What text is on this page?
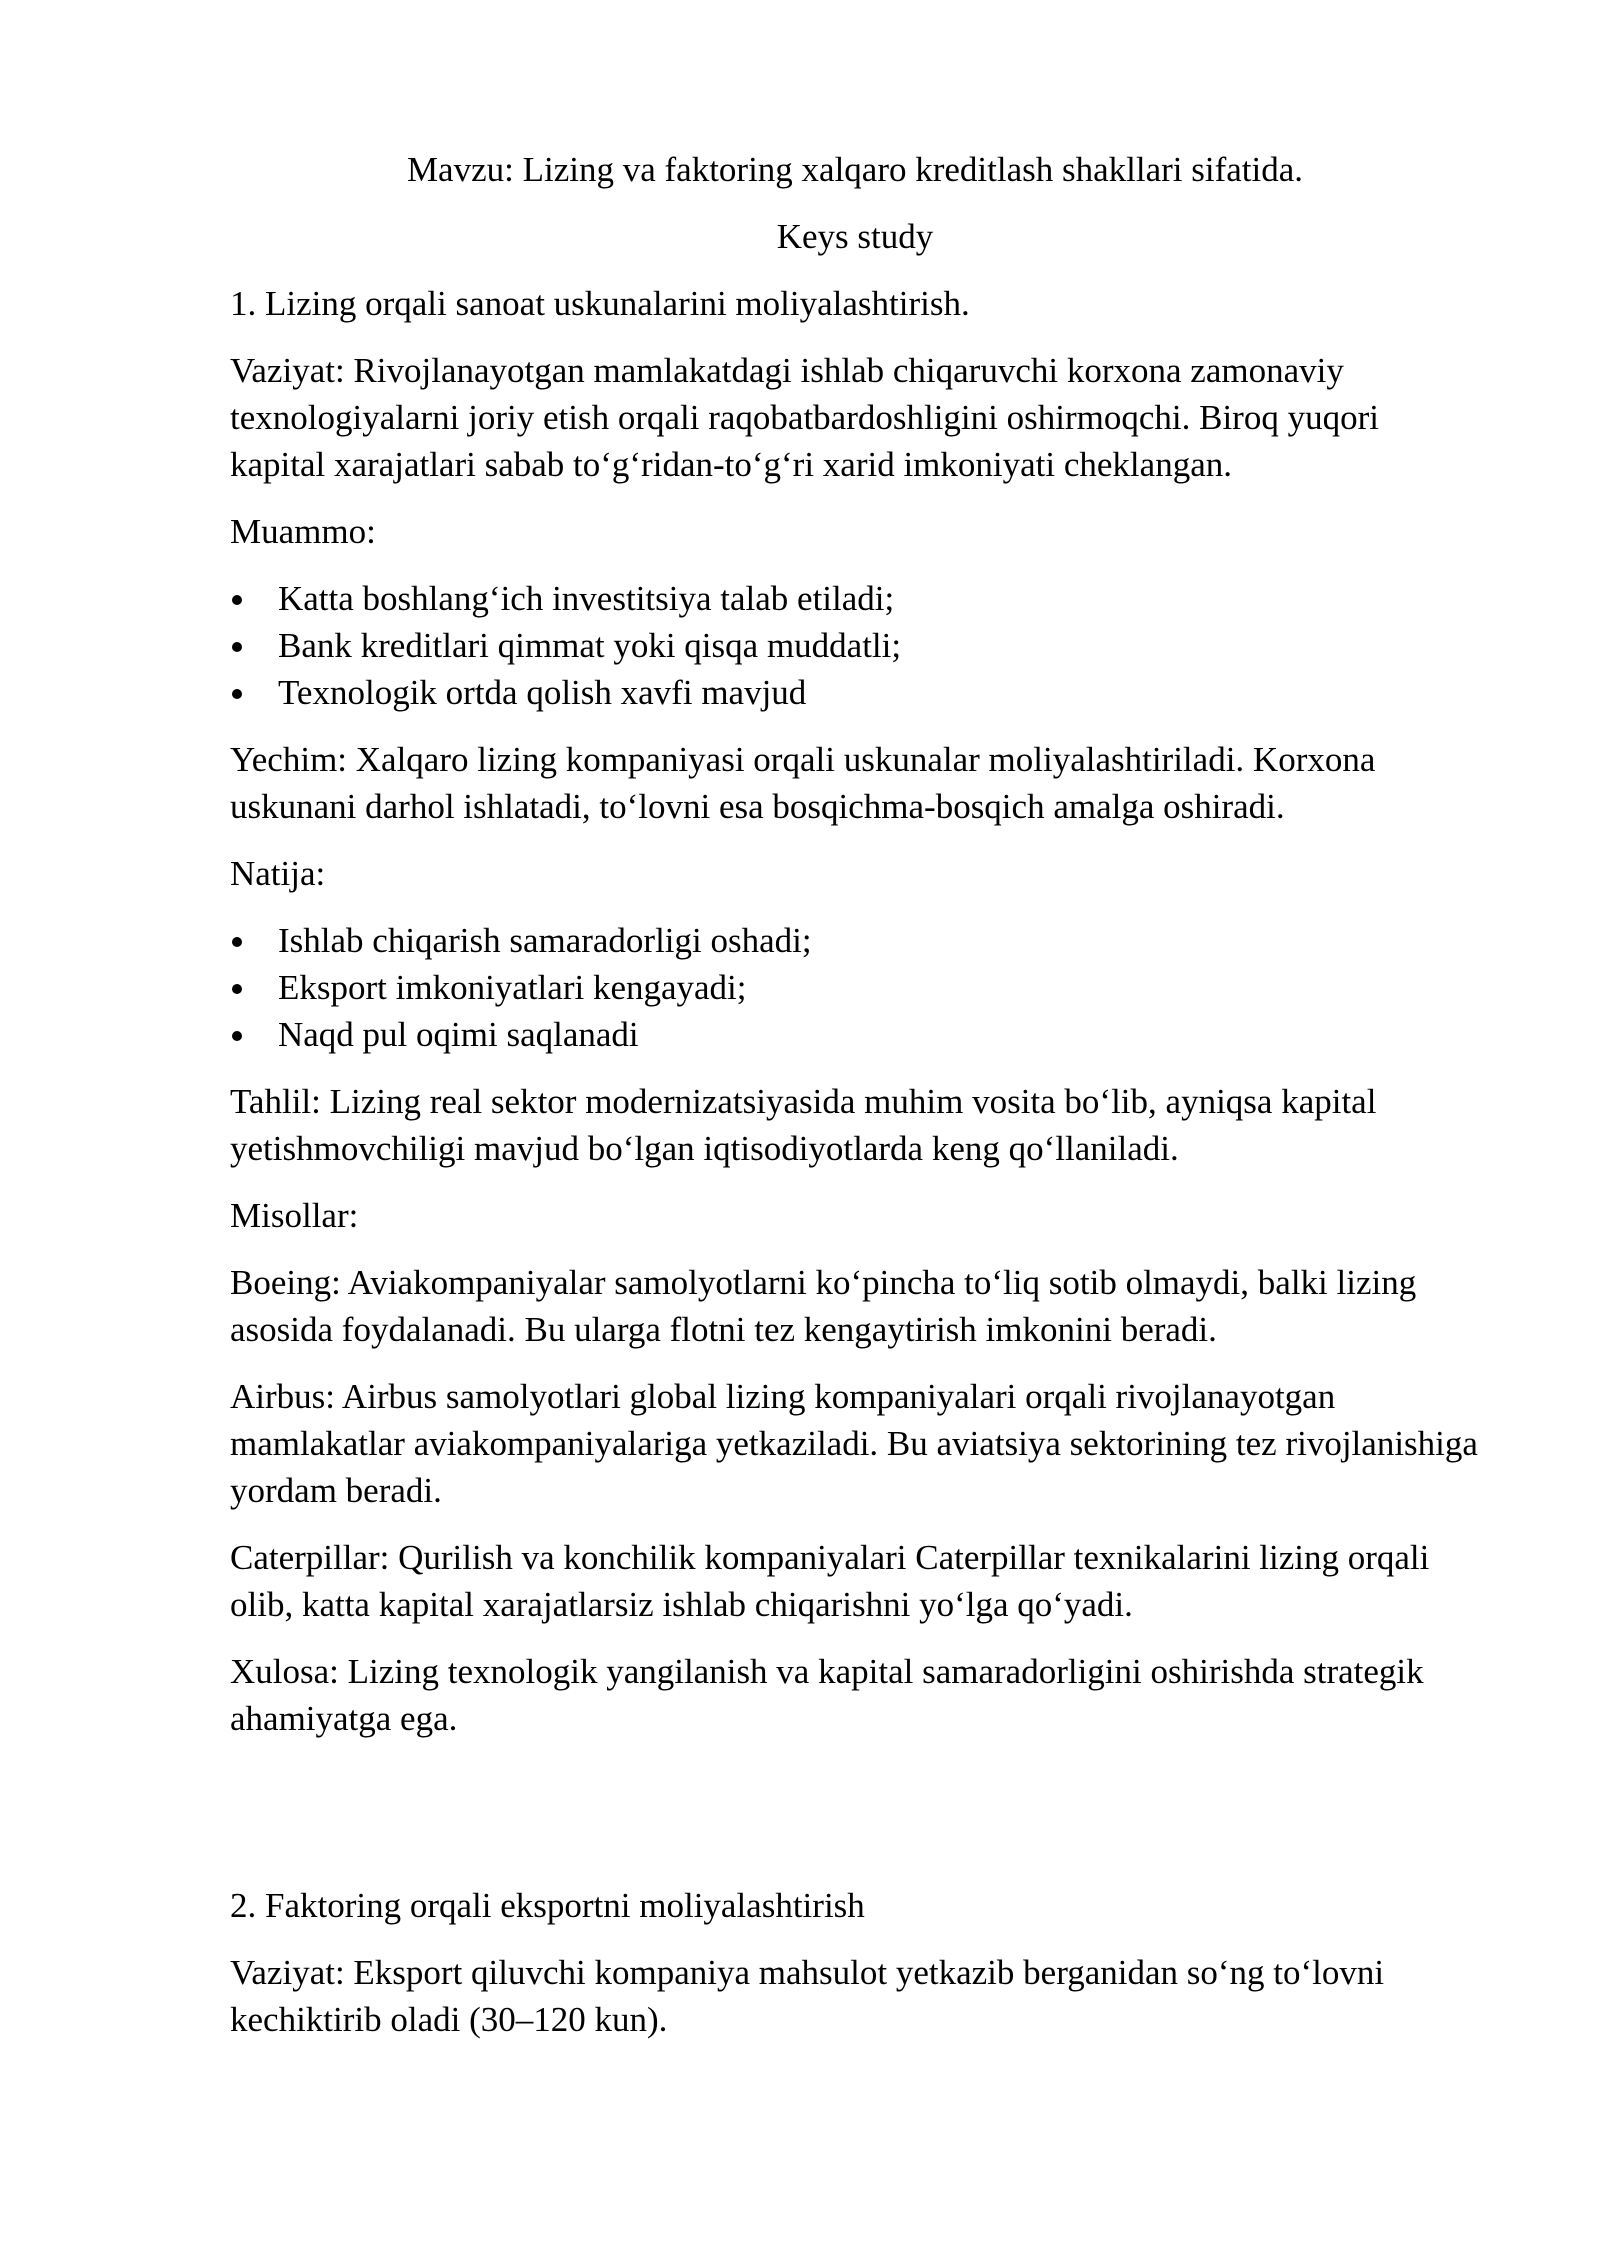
Mavzu: Lizing va faktoring xalqaro kreditlash shakllari sifatida.

Keys study

1. Lizing orqali sanoat uskunalarini moliyalashtirish.

Vaziyat: Rivojlanayotgan mamlakatdagi ishlab chiqaruvchi korxona zamonaviy texnologiyalarni joriy etish orqali raqobatbardoshligini oshirmoqchi. Biroq yuqori kapital xarajatlari sabab to‘g‘ridan-to‘g‘ri xarid imkoniyati cheklangan.

Muammo:

Katta boshlang‘ich investitsiya talab etiladi;
Bank kreditlari qimmat yoki qisqa muddatli;
Texnologik ortda qolish xavfi mavjud

Yechim: Xalqaro lizing kompaniyasi orqali uskunalar moliyalashtiriladi. Korxona uskunani darhol ishlatadi, to‘lovni esa bosqichma-bosqich amalga oshiradi.

Natija:

Ishlab chiqarish samaradorligi oshadi;
Eksport imkoniyatlari kengayadi;
Naqd pul oqimi saqlanadi

Tahlil: Lizing real sektor modernizatsiyasida muhim vosita bo‘lib, ayniqsa kapital yetishmovchiligi mavjud bo‘lgan iqtisodiyotlarda keng qo‘llaniladi.

Misollar:

Boeing: Aviakompaniyalar samolyotlarni ko‘pincha to‘liq sotib olmaydi, balki lizing asosida foydalanadi. Bu ularga flotni tez kengaytirish imkonini beradi.

Airbus: Airbus samolyotlari global lizing kompaniyalari orqali rivojlanayotgan mamlakatlar aviakompaniyalariga yetkaziladi. Bu aviatsiya sektorining tez rivojlanishiga yordam beradi.

Caterpillar: Qurilish va konchilik kompaniyalari Caterpillar texnikalarini lizing orqali olib, katta kapital xarajatlarsiz ishlab chiqarishni yo‘lga qo‘yadi.

Xulosa: Lizing texnologik yangilanish va kapital samaradorligini oshirishda strategik ahamiyatga ega.

2. Faktoring orqali eksportni moliyalashtirish

Vaziyat: Eksport qiluvchi kompaniya mahsulot yetkazib berganidan so‘ng to‘lovni kechiktirib oladi (30–120 kun).
